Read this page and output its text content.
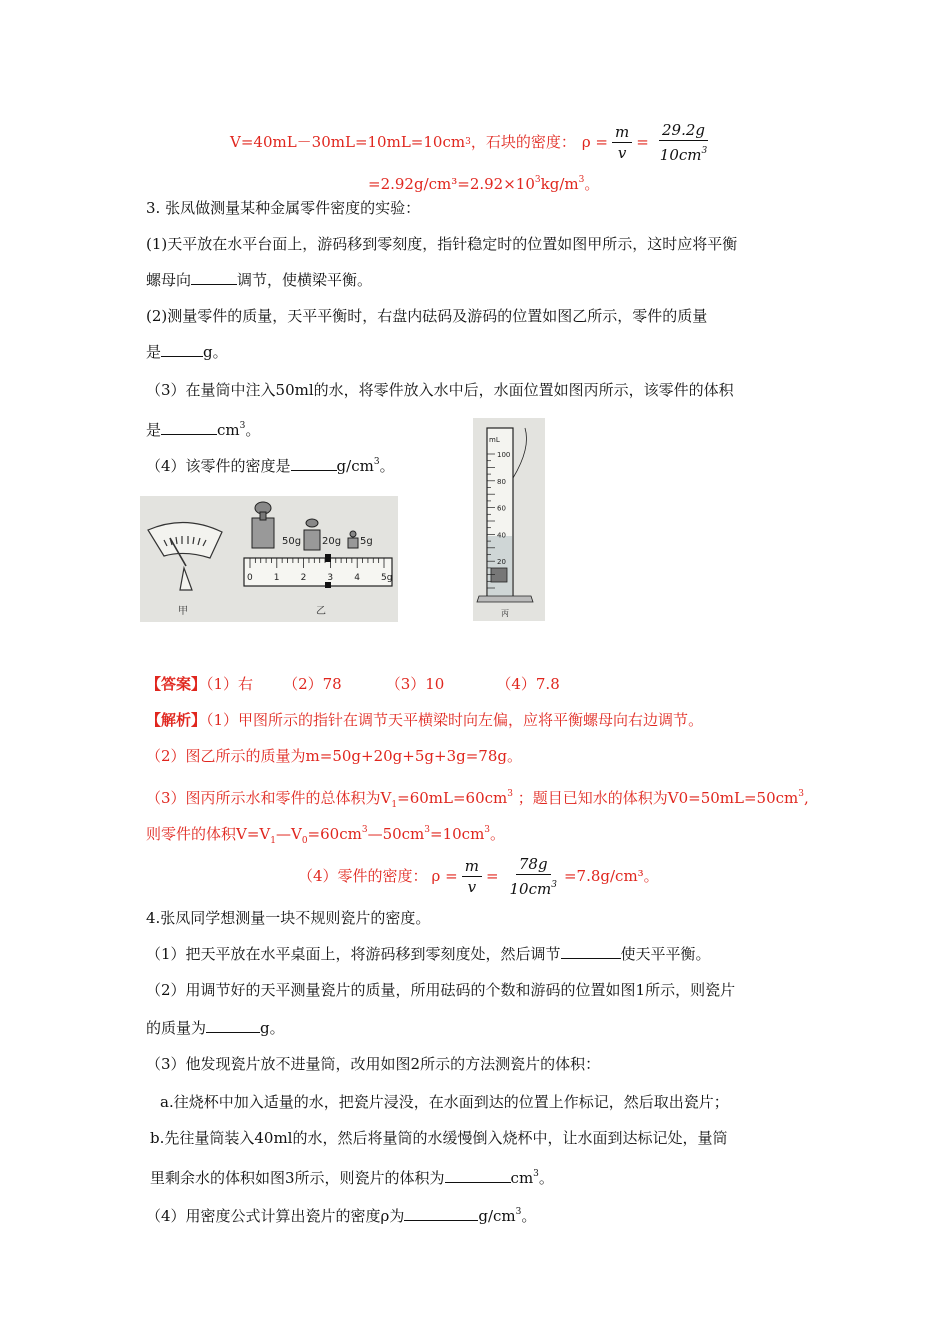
V=40mL－30mL=10mL=10cm 3 ，石块的密度： $\rho = \frac{m}{v} = \frac{29.2g}{10cm^3}$
$=2.92g/cm^3=2.92\times 10^3kg/m^3$。
3. 张凤做测量某种金属零件密度的实验：
(1)天平放在水平台面上，游码移到零刻度，指针稳定时的位置如图甲所示，这时应将平衡
螺母向	调节，使横梁平衡。
(2)测量零件的质量，天平平衡时，右盘内砝码及游码的位置如图乙所示，零件的质量
是	g。
（3）在量筒中注入50ml的水，将零件放入水中后，水面位置如图丙所示，该零件的体积
是	$cm^3$。
（4）该零件的密度是	$g/cm^3$。
甲
50g 20g 5g
0 1 2 3 4 5g
乙
100
80
60
40
20
mL
丙
【答案】（1）右 （2）78	（3）10	（4）7.8
【解析】（1）甲图所示的指针在调节天平横梁时向左偏，应将平衡螺母向右边调节。
（2）图乙所示的质量为m=50g+20g+5g+3g=78g。
（3）图丙所示水和零件的总体积为$V_1=60mL=60cm^3$ ；题目已知水的体积为$V0=50mL=50cm^3$,
则零件的体积$V=V_1—V_0=60cm^3—50cm^3=10cm^3$。
（4）零件的密度： $\rho = \frac{m}{v} = \frac{78g}{10cm^3} =7.8g/cm^3$。
4.张凤同学想测量一块不规则瓷片的密度。
（1）把天平放在水平桌面上，将游码移到零刻度处，然后调节	使天平平衡。
（2）用调节好的天平测量瓷片的质量，所用砝码的个数和游码的位置如图1所示，则瓷片
的质量为	g。
（3）他发现瓷片放不进量筒，改用如图2所示的方法测瓷片的体积：
a.往烧杯中加入适量的水，把瓷片浸没，在水面到达的位置上作标记，然后取出瓷片；
b.先往量筒装入40ml的水，然后将量筒的水缓慢倒入烧杯中，让水面到达标记处，量筒
里剩余水的体积如图3所示，则瓷片的体积为	$cm^3$。
（4）用密度公式计算出瓷片的密度ρ为	$g/cm^3$。
